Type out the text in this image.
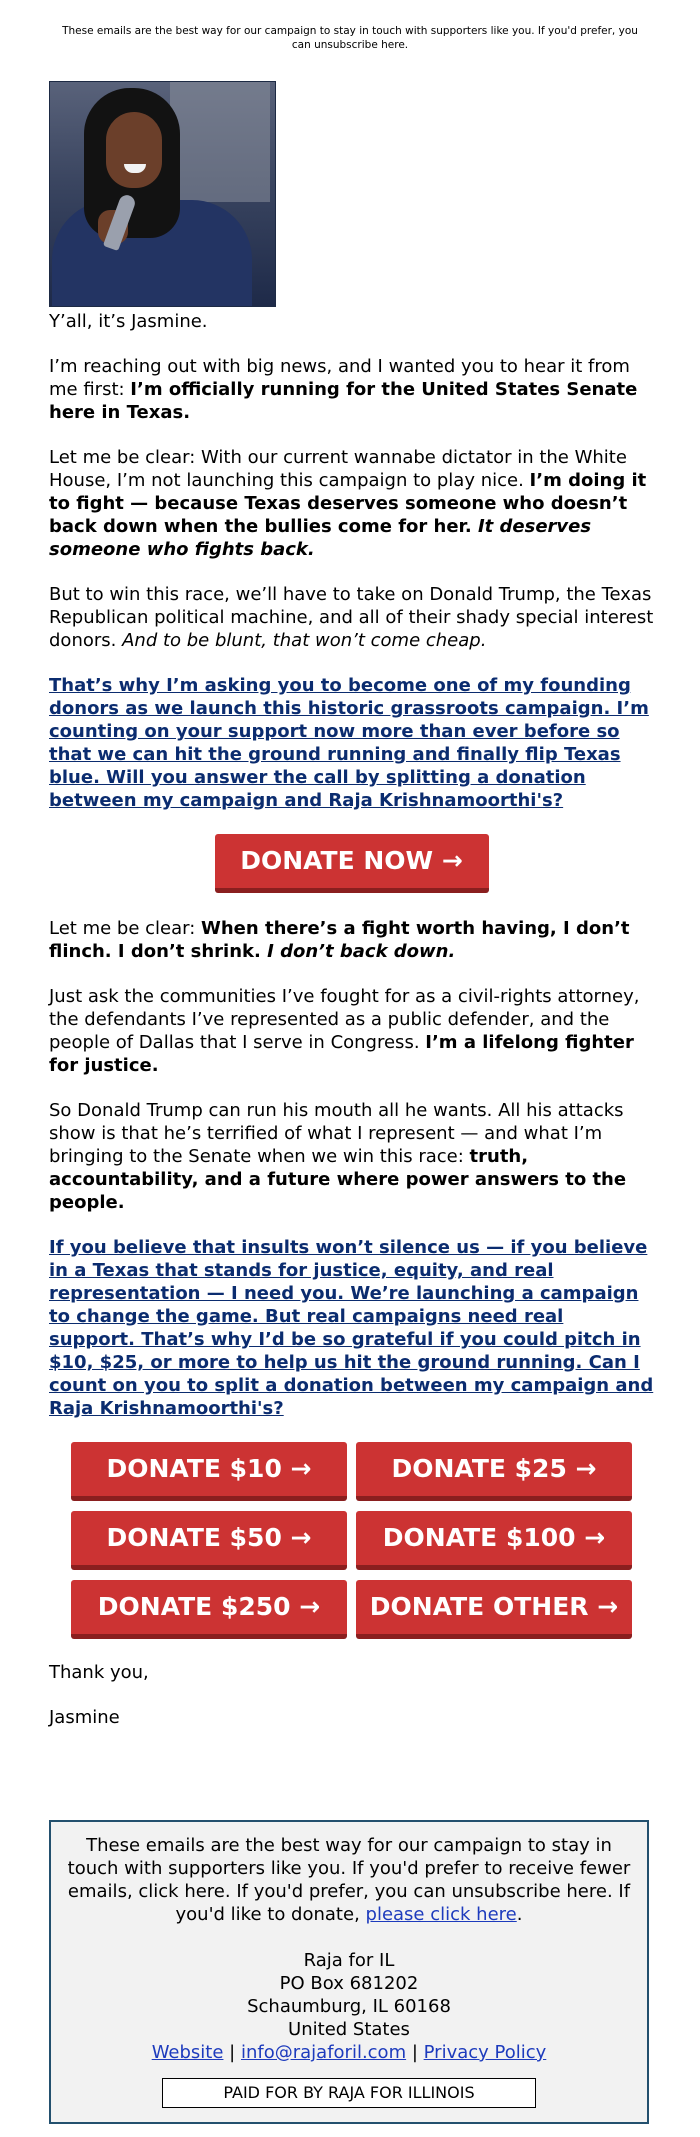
These emails are the best way for our campaign to stay in touch with supporters like you. If you'd prefer, you can unsubscribe here.

Y’all, it’s Jasmine.

I’m reaching out with big news, and I wanted you to hear it from me first: I’m officially running for the United States Senate here in Texas.

Let me be clear: With our current wannabe dictator in the White House, I’m not launching this campaign to play nice. I’m doing it to fight — because Texas deserves someone who doesn’t back down when the bullies come for her. It deserves someone who fights back.

But to win this race, we’ll have to take on Donald Trump, the Texas Republican political machine, and all of their shady special interest donors. And to be blunt, that won’t come cheap.

That’s why I’m asking you to become one of my founding donors as we launch this historic grassroots campaign. I’m counting on your support now more than ever before so that we can hit the ground running and finally flip Texas blue. Will you answer the call by splitting a donation between my campaign and Raja Krishnamoorthi's?

DONATE NOW →

Let me be clear: When there’s a fight worth having, I don’t flinch. I don’t shrink. I don’t back down.

Just ask the communities I’ve fought for as a civil-rights attorney, the defendants I’ve represented as a public defender, and the people of Dallas that I serve in Congress. I’m a lifelong fighter for justice.

So Donald Trump can run his mouth all he wants. All his attacks show is that he’s terrified of what I represent — and what I’m bringing to the Senate when we win this race: truth, accountability, and a future where power answers to the people.

If you believe that insults won’t silence us — if you believe in a Texas that stands for justice, equity, and real representation — I need you. We’re launching a campaign to change the game. But real campaigns need real support. That’s why I’d be so grateful if you could pitch in $10, $25, or more to help us hit the ground running. Can I count on you to split a donation between my campaign and Raja Krishnamoorthi's?

DONATE $10 →	DONATE $25 →
DONATE $50 →	DONATE $100 →
DONATE $250 →	DONATE OTHER →

Thank you,

Jasmine

These emails are the best way for our campaign to stay in touch with supporters like you. If you'd prefer to receive fewer emails, click here. If you'd prefer, you can unsubscribe here. If you'd like to donate, please click here.
Raja for IL
PO Box 681202
Schaumburg, IL 60168
United States
Website | info@rajaforil.com | Privacy Policy
PAID FOR BY RAJA FOR ILLINOIS
